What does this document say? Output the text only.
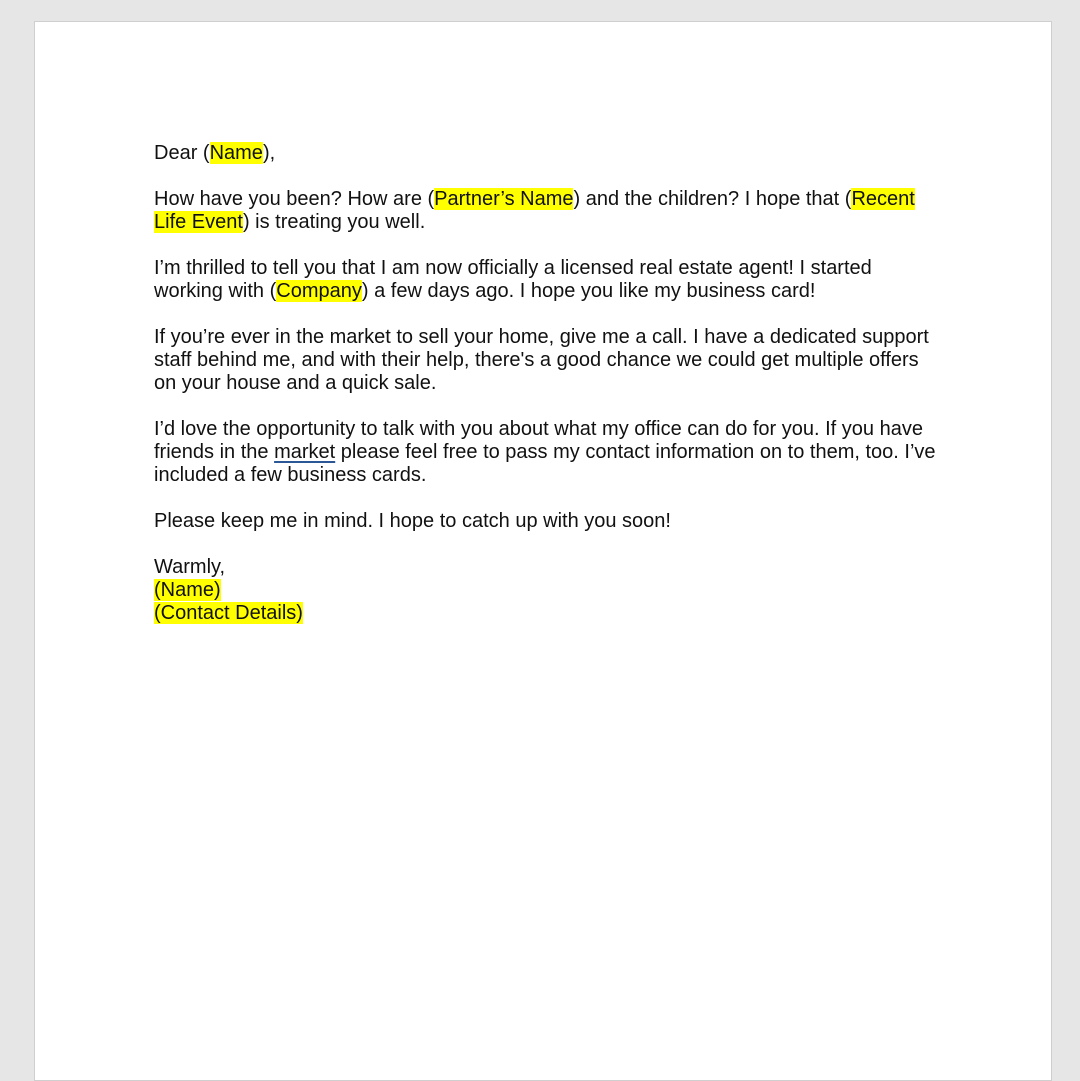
Dear (Name),

How have you been? How are (Partner’s Name) and the children? I hope that (Recent Life Event) is treating you well.

I’m thrilled to tell you that I am now officially a licensed real estate agent! I started working with (Company) a few days ago. I hope you like my business card!

If you’re ever in the market to sell your home, give me a call. I have a dedicated support staff behind me, and with their help, there's a good chance we could get multiple offers on your house and a quick sale.

I’d love the opportunity to talk with you about what my office can do for you. If you have friends in the market please feel free to pass my contact information on to them, too. I’ve included a few business cards.

Please keep me in mind. I hope to catch up with you soon!

Warmly,

(Name)

(Contact Details)
